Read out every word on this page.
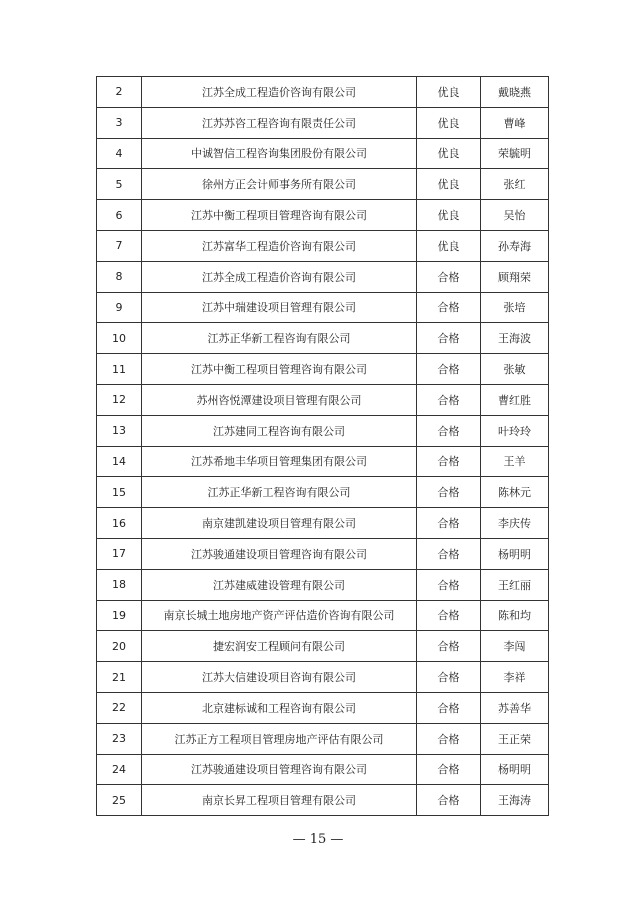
2	江苏全成工程造价咨询有限公司	优良	戴晓燕
3	江苏苏咨工程咨询有限责任公司	优良	曹峰
4	中诚智信工程咨询集团股份有限公司	优良	荣毓明
5	徐州方正会计师事务所有限公司	优良	张红
6	江苏中衡工程项目管理咨询有限公司	优良	吴怡
7	江苏富华工程造价咨询有限公司	优良	孙寿海
8	江苏全成工程造价咨询有限公司	合格	顾翔荣
9	江苏中瑞建设项目管理有限公司	合格	张培
10	江苏正华新工程咨询有限公司	合格	王海波
11	江苏中衡工程项目管理咨询有限公司	合格	张敏
12	苏州咨悦潭建设项目管理有限公司	合格	曹红胜
13	江苏建同工程咨询有限公司	合格	叶玲玲
14	江苏希地丰华项目管理集团有限公司	合格	王羊
15	江苏正华新工程咨询有限公司	合格	陈林元
16	南京建凯建设项目管理有限公司	合格	李庆传
17	江苏骏通建设项目管理咨询有限公司	合格	杨明明
18	江苏建威建设管理有限公司	合格	王红丽
19	南京长城土地房地产资产评估造价咨询有限公司	合格	陈和均
20	捷宏润安工程顾问有限公司	合格	李闯
21	江苏大信建设项目咨询有限公司	合格	李祥
22	北京建标诚和工程咨询有限公司	合格	苏善华
23	江苏正方工程项目管理房地产评估有限公司	合格	王正荣
24	江苏骏通建设项目管理咨询有限公司	合格	杨明明
25	南京长昇工程项目管理有限公司	合格	王海涛
— 15 —
